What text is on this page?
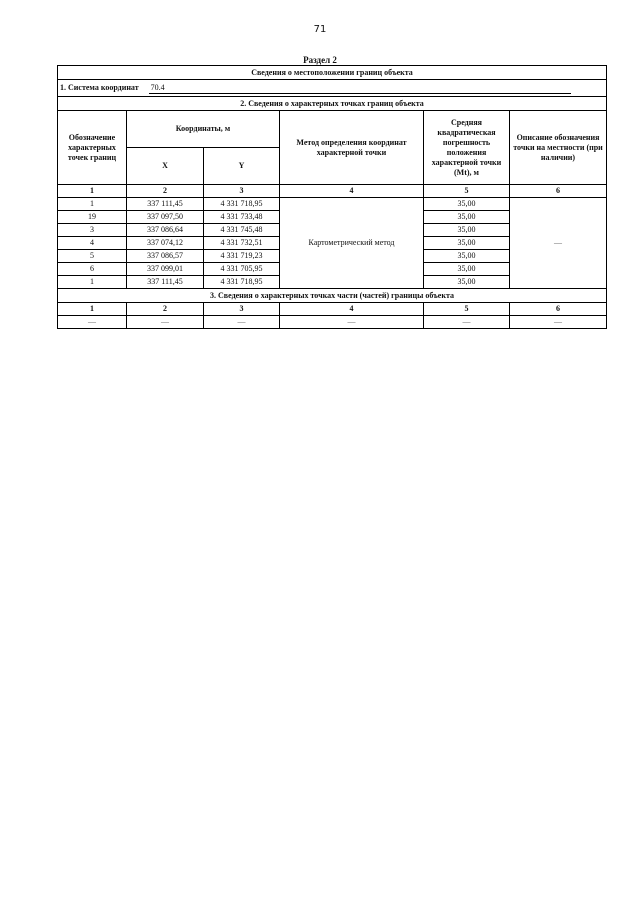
71
Раздел 2
Сведения о местоположении границ объекта					
1. Система координат 70.4					
2. Сведения о характерных точках границ объекта					
Обозначение характерных точек границ	Координаты, м		Метод определения координат характерной точки	Средняя квадратическая погрешность положения характерной точки (Mt), м	Описание обозначения точки на местности (при наличии)
	X	Y			
1	2	3	4	5	6
1	337 111,45	4 331 718,95	Картометрический метод	35,00	—
19	337 097,50	4 331 733,48		35,00	
3	337 086,64	4 331 745,48		35,00	
4	337 074,12	4 331 732,51		35,00	
5	337 086,57	4 331 719,23		35,00	
6	337 099,01	4 331 705,95		35,00	
1	337 111,45	4 331 718,95		35,00	
3. Сведения о характерных точках части (частей) границы объекта					
1	2	3	4	5	6
—	—	—	—	—	—
